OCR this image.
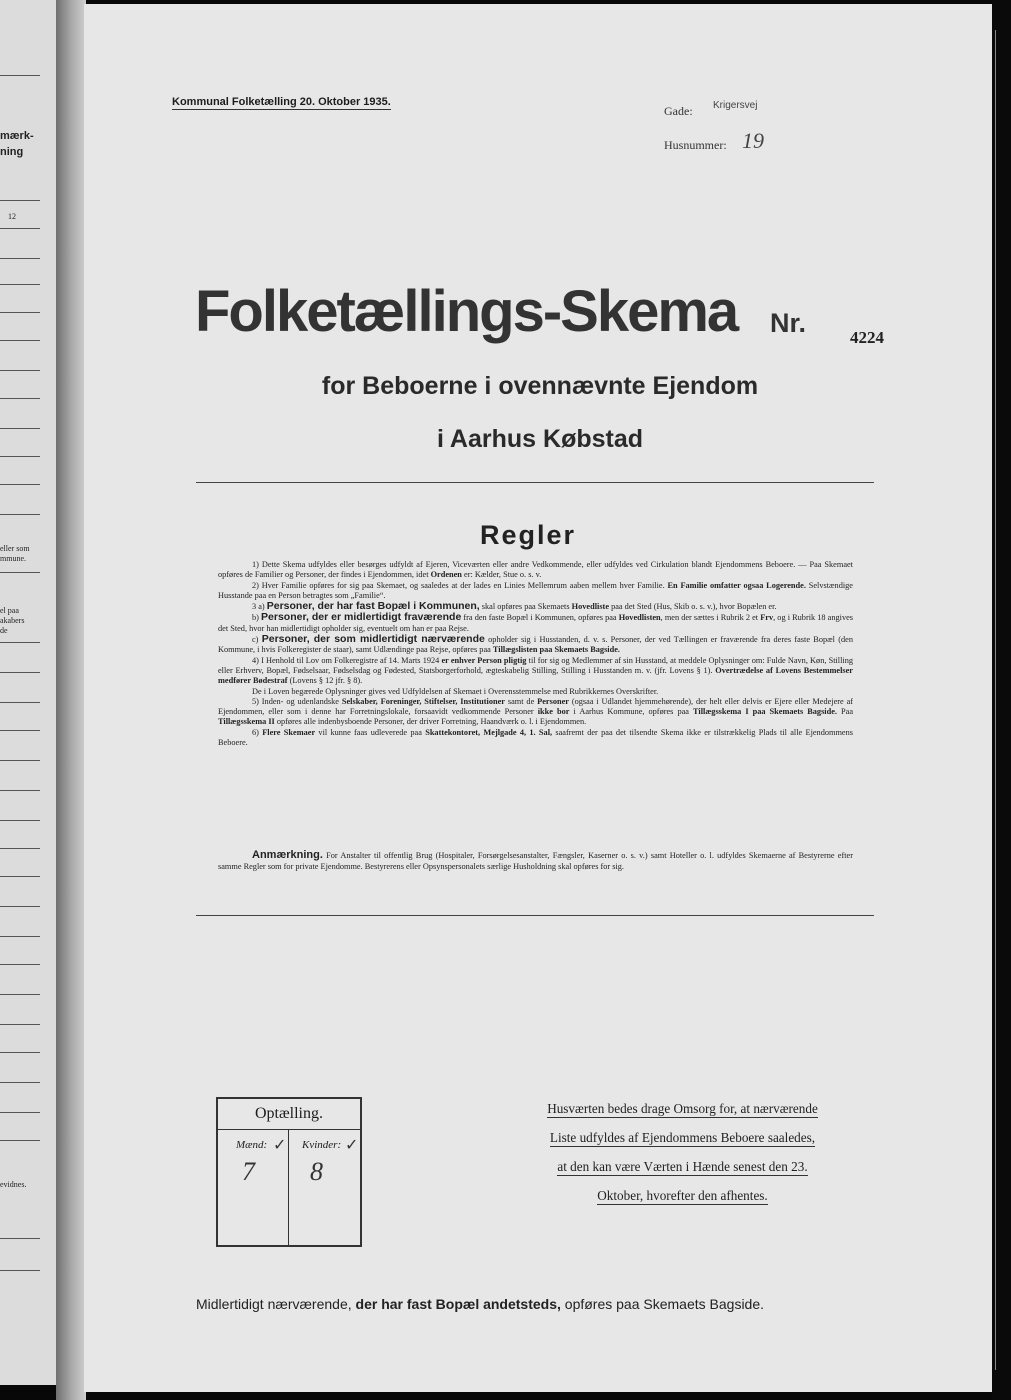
mærk-
ning
12
eller som
mmune.
el paa
akabers
de
evidnes.
Kommunal Folketælling 20. Oktober 1935.
Gade: Krigersvej
Husnummer: 19
Folketællings-Skema	Nr.	4224
for Beboerne i ovennævnte Ejendom
i Aarhus Købstad
Regler

1) Dette Skema udfyldes eller besørges udfyldt af Ejeren, Viceværten eller andre Vedkommende, eller udfyldes ved Cirkulation blandt Ejendommens Beboere. — Paa Skemaet opføres de Familier og Personer, der findes i Ejendommen, idet Ordenen er: Kælder, Stue o. s. v.

2) Hver Familie opføres for sig paa Skemaet, og saaledes at der lades en Linies Mellemrum aaben mellem hver Familie. En Familie omfatter ogsaa Logerende. Selvstændige Husstande paa en Person betragtes som „Familie“.

3 a) Personer, der har fast Bopæl i Kommunen, skal opføres paa Skemaets Hovedliste paa det Sted (Hus, Skib o. s. v.), hvor Bopælen er.

b) Personer, der er midlertidigt fraværende fra den faste Bopæl i Kommunen, opføres paa Hovedlisten, men der sættes i Rubrik 2 et Frv, og i Rubrik 18 angives det Sted, hvor han midlertidigt opholder sig, eventuelt om han er paa Rejse.

c) Personer, der som midlertidigt nærværende opholder sig i Husstanden, d. v. s. Personer, der ved Tællingen er fraværende fra deres faste Bopæl (den Kommune, i hvis Folkeregister de staar), samt Udlændinge paa Rejse, opføres paa Tillægslisten paa Skemaets Bagside.

4) I Henhold til Lov om Folkeregistre af 14. Marts 1924 er enhver Person pligtig til for sig og Medlemmer af sin Husstand, at meddele Oplysninger om: Fulde Navn, Køn, Stilling eller Erhverv, Bopæl, Fødselsaar, Fødselsdag og Fødested, Statsborgerforhold, ægteskabelig Stilling, Stilling i Husstanden m. v. (jfr. Lovens § 1). Overtrædelse af Lovens Bestemmelser medfører Bødestraf (Lovens § 12 jfr. § 8).

De i Loven begærede Oplysninger gives ved Udfyldelsen af Skemaet i Overensstemmelse med Rubrikkernes Overskrifter.

5) Inden- og udenlandske Selskaber, Foreninger, Stiftelser, Institutioner samt de Personer (ogsaa i Udlandet hjemmehørende), der helt eller delvis er Ejere eller Medejere af Ejendommen, eller som i denne har Forretningslokale, forsaavidt vedkommende Personer ikke bor i Aarhus Kommune, opføres paa Tillægsskema I paa Skemaets Bagside. Paa Tillægsskema II opføres alle indenbysboende Personer, der driver Forretning, Haandværk o. l. i Ejendommen.

6) Flere Skemaer vil kunne faas udleverede paa Skattekontoret, Mejlgade 4, 1. Sal, saafremt der paa det tilsendte Skema ikke er tilstrækkelig Plads til alle Ejendommens Beboere.

Anmærkning. For Anstalter til offentlig Brug (Hospitaler, Forsørgelsesanstalter, Fængsler, Kaserner o. s. v.) samt Hoteller o. l. udfyldes Skemaerne af Bestyrerne efter samme Regler som for private Ejendomme. Bestyrerens eller Opsynspersonalets særlige Husholdning skal opføres for sig.
Optælling.
Mænd: ✓
7
Kvinder: ✓
8
Husværten bedes drage Omsorg for, at nærværende
Liste udfyldes af Ejendommens Beboere saaledes,
at den kan være Værten i Hænde senest den 23.
Oktober, hvorefter den afhentes.
Midlertidigt nærværende, der har fast Bopæl andetsteds, opføres paa Skemaets Bagside.
